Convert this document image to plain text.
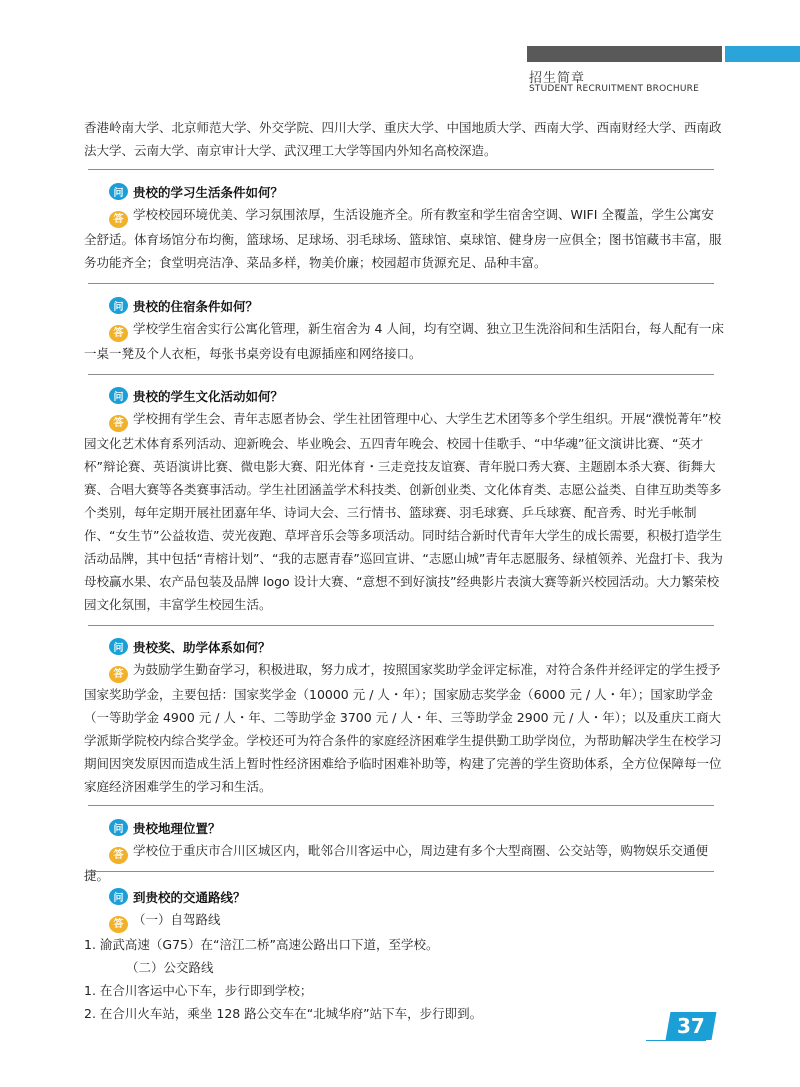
招生简章
STUDENT RECRUITMENT BROCHURE

香港岭南大学、北京师范大学、外交学院、四川大学、重庆大学、中国地质大学、西南大学、西南财经大学、西南政法大学、云南大学、南京审计大学、武汉理工大学等国内外知名高校深造。

问 贵校的学习生活条件如何？

答 学校校园环境优美、学习氛围浓厚，生活设施齐全。所有教室和学生宿舍空调、WIFI 全覆盖，学生公寓安全舒适。体育场馆分布均衡，篮球场、足球场、羽毛球场、篮球馆、桌球馆、健身房一应俱全；图书馆藏书丰富，服务功能齐全；食堂明亮洁净、菜品多样，物美价廉；校园超市货源充足、品种丰富。

问 贵校的住宿条件如何？

答 学校学生宿舍实行公寓化管理，新生宿舍为 4 人间，均有空调、独立卫生洗浴间和生活阳台，每人配有一床一桌一凳及个人衣柜，每张书桌旁设有电源插座和网络接口。

问 贵校的学生文化活动如何？

答 学校拥有学生会、青年志愿者协会、学生社团管理中心、大学生艺术团等多个学生组织。开展“濮悦菁年”校园文化艺术体育系列活动、迎新晚会、毕业晚会、五四青年晚会、校园十佳歌手、“中华魂”征文演讲比赛、“英才杯”辩论赛、英语演讲比赛、微电影大赛、阳光体育・三走竞技友谊赛、青年脱口秀大赛、主题剧本杀大赛、街舞大赛、合唱大赛等各类赛事活动。学生社团涵盖学术科技类、创新创业类、文化体育类、志愿公益类、自律互助类等多个类别，每年定期开展社团嘉年华、诗词大会、三行情书、篮球赛、羽毛球赛、乒乓球赛、配音秀、时光手帐制作、“女生节”公益妆造、荧光夜跑、草坪音乐会等多项活动。同时结合新时代青年大学生的成长需要，积极打造学生活动品牌，其中包括“青榕计划”、“我的志愿青春”巡回宣讲、“志愿山城”青年志愿服务、绿植领养、光盘打卡、我为母校赢水果、农产品包装及品牌 logo 设计大赛、“意想不到好演技”经典影片表演大赛等新兴校园活动。大力繁荣校园文化氛围，丰富学生校园生活。

问 贵校奖、助学体系如何？

答 为鼓励学生勤奋学习，积极进取，努力成才，按照国家奖助学金评定标准，对符合条件并经评定的学生授予国家奖助学金，主要包括：国家奖学金（10000 元 / 人・年）；国家励志奖学金（6000 元 / 人・年）；国家助学金（一等助学金 4900 元 / 人・年、二等助学金 3700 元 / 人・年、三等助学金 2900 元 / 人・年）；以及重庆工商大学派斯学院校内综合奖学金。学校还可为符合条件的家庭经济困难学生提供勤工助学岗位，为帮助解决学生在校学习期间因突发原因而造成生活上暂时性经济困难给予临时困难补助等，构建了完善的学生资助体系，全方位保障每一位家庭经济困难学生的学习和生活。

问 贵校地理位置？

答 学校位于重庆市合川区城区内，毗邻合川客运中心，周边建有多个大型商圈、公交站等，购物娱乐交通便捷。

问 到贵校的交通路线？

答 （一）自驾路线

1. 渝武高速（G75）在“涪江二桥”高速公路出口下道，至学校。

（二）公交路线

1. 在合川客运中心下车，步行即到学校；

2. 在合川火车站，乘坐 128 路公交车在“北城华府”站下车，步行即到。

37
